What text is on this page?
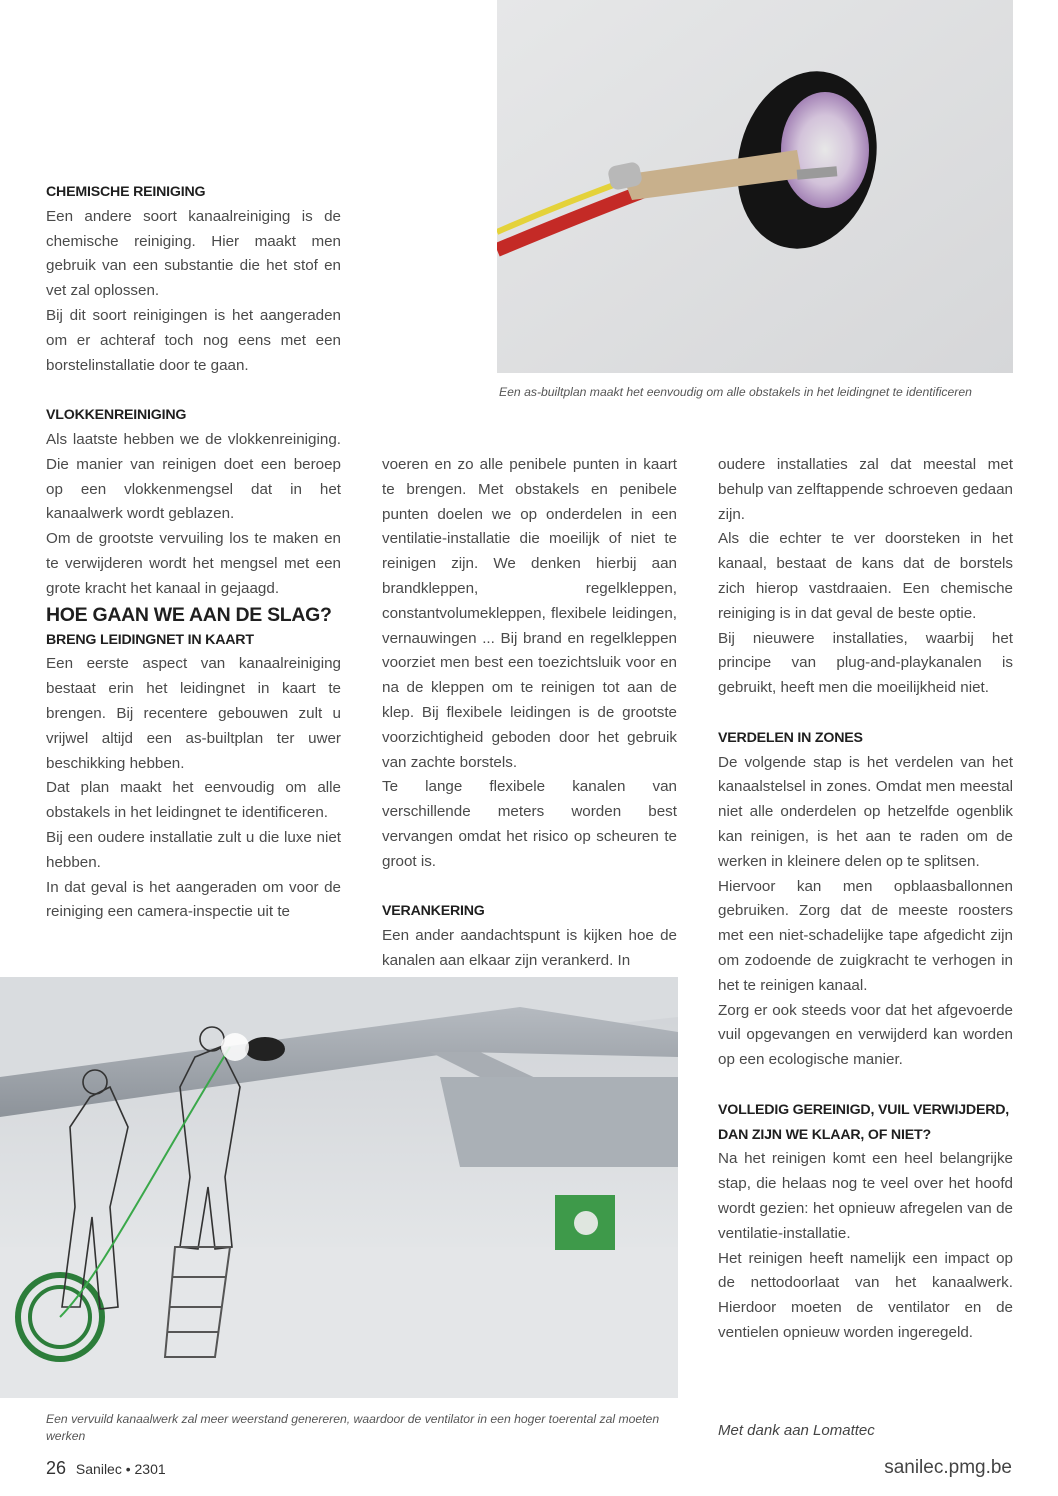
Een as-builtplan maakt het eenvoudig om alle obstakels in het leidingnet te identificeren

CHEMISCHE REINIGING

Een andere soort kanaalreiniging is de chemische reiniging. Hier maakt men gebruik van een substantie die het stof en vet zal oplossen.

Bij dit soort reinigingen is het aangeraden om er achteraf toch nog eens met een borstelinstallatie door te gaan.

VLOKKENREINIGING

Als laatste hebben we de vlokkenreiniging. Die manier van reinigen doet een beroep op een vlokkenmengsel dat in het kanaalwerk wordt geblazen.

Om de grootste vervuiling los te maken en te verwijderen wordt het mengsel met een grote kracht het kanaal in gejaagd.

HOE GAAN WE AAN DE SLAG?

BRENG LEIDINGNET IN KAART

Een eerste aspect van kanaalreiniging bestaat erin het leidingnet in kaart te brengen. Bij recentere gebouwen zult u vrijwel altijd een as-builtplan ter uwer beschikking hebben.

Dat plan maakt het eenvoudig om alle obstakels in het leidingnet te identificeren.

Bij een oudere installatie zult u die luxe niet hebben.

In dat geval is het aangeraden om voor de reiniging een camera-inspectie uit te

voeren en zo alle penibele punten in kaart te brengen. Met obstakels en penibele punten doelen we op onderdelen in een ventilatie-installatie die moeilijk of niet te reinigen zijn. We denken hierbij aan brandkleppen, regelkleppen, constantvolumekleppen, flexibele leidingen, vernauwingen ... Bij brand en regelkleppen voorziet men best een toezichtsluik voor en na de kleppen om te reinigen tot aan de klep. Bij flexibele leidingen is de grootste voorzichtigheid geboden door het gebruik van zachte borstels.

Te lange flexibele kanalen van verschillende meters worden best vervangen omdat het risico op scheuren te groot is.

VERANKERING

Een ander aandachtspunt is kijken hoe de kanalen aan elkaar zijn verankerd. In

oudere installaties zal dat meestal met behulp van zelftappende schroeven gedaan zijn.

Als die echter te ver doorsteken in het kanaal, bestaat de kans dat de borstels zich hierop vastdraaien. Een chemische reiniging is in dat geval de beste optie.

Bij nieuwere installaties, waarbij het principe van plug-and-playkanalen is gebruikt, heeft men die moeilijkheid niet.

VERDELEN IN ZONES

De volgende stap is het verdelen van het kanaalstelsel in zones. Omdat men meestal niet alle onderdelen op hetzelfde ogenblik kan reinigen, is het aan te raden om de werken in kleinere delen op te splitsen.

Hiervoor kan men opblaasballonnen gebruiken. Zorg dat de meeste roosters met een niet-schadelijke tape afgedicht zijn om zodoende de zuigkracht te verhogen in het te reinigen kanaal.

Zorg er ook steeds voor dat het afgevoerde vuil opgevangen en verwijderd kan worden op een ecologische manier.

VOLLEDIG GEREINIGD, VUIL VERWIJDERD,
DAN ZIJN WE KLAAR, OF NIET?

Na het reinigen komt een heel belangrijke stap, die helaas nog te veel over het hoofd wordt gezien: het opnieuw afregelen van de ventilatie-installatie.

Het reinigen heeft namelijk een impact op de nettodoorlaat van het kanaalwerk. Hierdoor moeten de ventilator en de ventielen opnieuw worden ingeregeld.

Een vervuild kanaalwerk zal meer weerstand genereren, waardoor de ventilator in een hoger toerental zal moeten werken	Met dank aan Lomattec
26 Sanilec • 2301	sanilec.pmg.be
